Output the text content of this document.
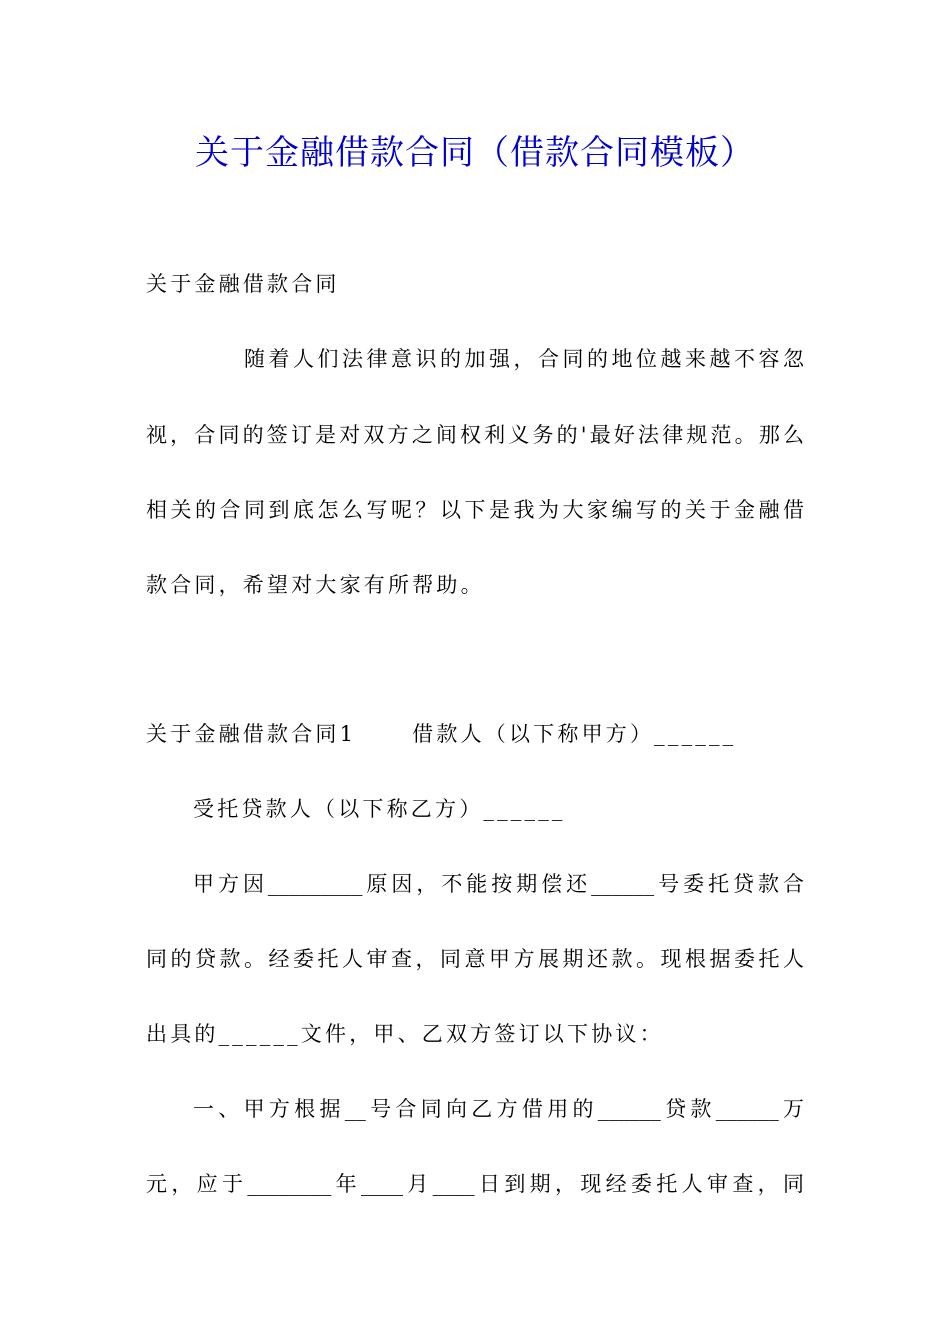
关于金融借款合同（借款合同模板）
关于金融借款合同
随着人们法律意识的加强，合同的地位越来越不容忽
视，合同的签订是对双方之间权利义务的'最好法律规范。那么
相关的合同到底怎么写呢？以下是我为大家编写的关于金融借
款合同，希望对大家有所帮助。
关于金融借款合同1	借款人（以下称甲方）______
受托贷款人（以下称乙方）______
甲方因_________原因，不能按期偿还______号委托贷款合
同的贷款。经委托人审查，同意甲方展期还款。现根据委托人
出具的______文件，甲、乙双方签订以下协议：
一、甲方根据__号合同向乙方借用的______贷款______万
元，应于________年____月____日到期，现经委托人审查，同
